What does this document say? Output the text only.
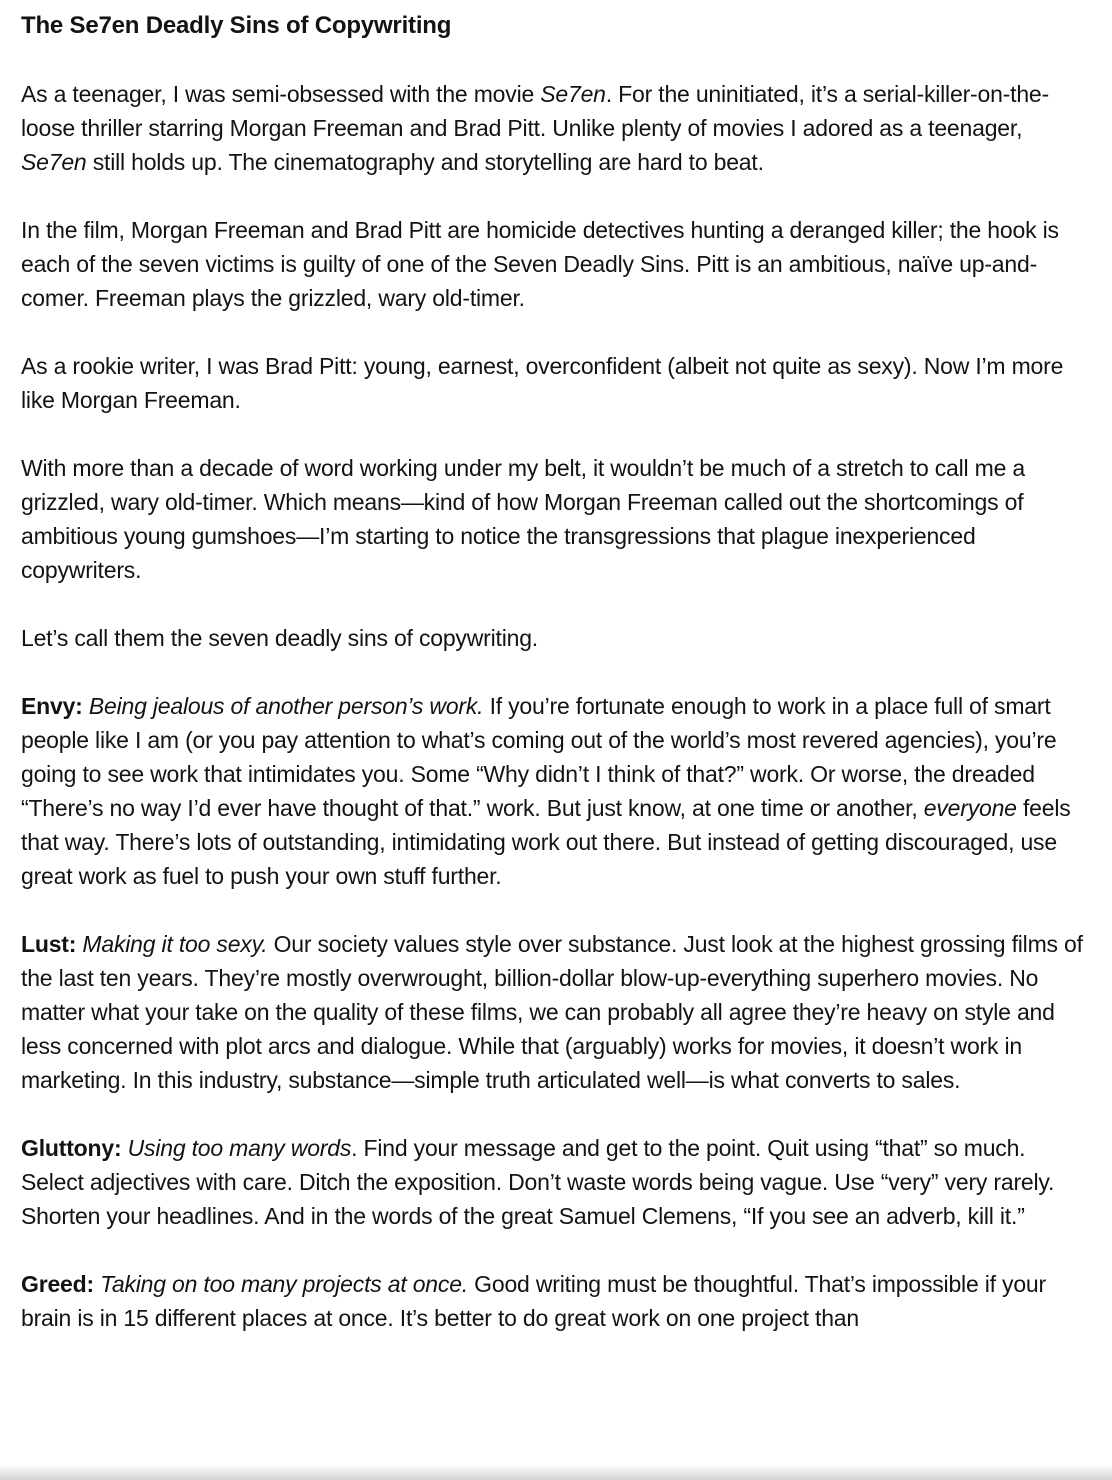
The Se7en Deadly Sins of Copywriting

As a teenager, I was semi-obsessed with the movie Se7en. For the uninitiated, it’s a serial-killer-on-the-loose thriller starring Morgan Freeman and Brad Pitt. Unlike plenty of movies I adored as a teenager, Se7en still holds up. The cinematography and storytelling are hard to beat.

In the film, Morgan Freeman and Brad Pitt are homicide detectives hunting a deranged killer; the hook is each of the seven victims is guilty of one of the Seven Deadly Sins. Pitt is an ambitious, naïve up-and-comer. Freeman plays the grizzled, wary old-timer.

As a rookie writer, I was Brad Pitt: young, earnest, overconfident (albeit not quite as sexy). Now I’m more like Morgan Freeman.

With more than a decade of word working under my belt, it wouldn’t be much of a stretch to call me a grizzled, wary old-timer. Which means—kind of how Morgan Freeman called out the shortcomings of ambitious young gumshoes—I’m starting to notice the transgressions that plague inexperienced copywriters.

Let’s call them the seven deadly sins of copywriting.

Envy: Being jealous of another person’s work. If you’re fortunate enough to work in a place full of smart people like I am (or you pay attention to what’s coming out of the world’s most revered agencies), you’re going to see work that intimidates you. Some “Why didn’t I think of that?” work. Or worse, the dreaded “There’s no way I’d ever have thought of that.” work. But just know, at one time or another, everyone feels that way. There’s lots of outstanding, intimidating work out there. But instead of getting discouraged, use great work as fuel to push your own stuff further.

Lust: Making it too sexy. Our society values style over substance. Just look at the highest grossing films of the last ten years. They’re mostly overwrought, billion-dollar blow-up-everything superhero movies. No matter what your take on the quality of these films, we can probably all agree they’re heavy on style and less concerned with plot arcs and dialogue. While that (arguably) works for movies, it doesn’t work in marketing. In this industry, substance—simple truth articulated well—is what converts to sales.

Gluttony: Using too many words. Find your message and get to the point. Quit using “that” so much. Select adjectives with care. Ditch the exposition. Don’t waste words being vague. Use “very” very rarely. Shorten your headlines. And in the words of the great Samuel Clemens, “If you see an adverb, kill it.”

Greed: Taking on too many projects at once. Good writing must be thoughtful. That’s impossible if your brain is in 15 different places at once. It’s better to do great work on one project than
